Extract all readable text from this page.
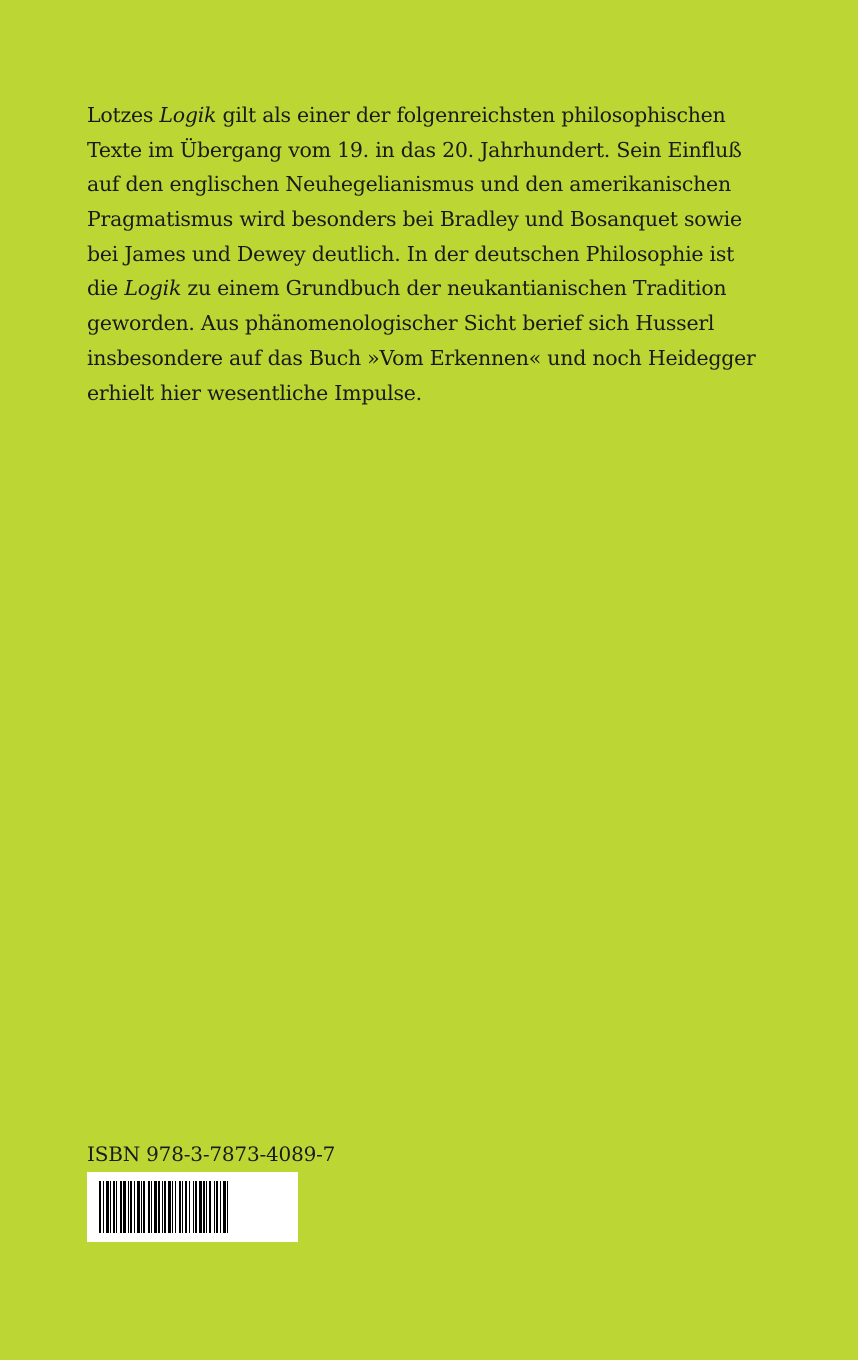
Lotzes Logik gilt als einer der folgenreichsten philosophischen
Texte im Übergang vom 19. in das 20. Jahrhundert. Sein Einfluß
auf den englischen Neuhegelianismus und den amerikanischen
Pragmatismus wird besonders bei Bradley und Bosanquet sowie
bei James und Dewey deutlich. In der deutschen Philosophie ist
die Logik zu einem Grundbuch der neukantianischen Tradition
geworden. Aus phänomenologischer Sicht berief sich Husserl
insbesondere auf das Buch »Vom Erkennen« und noch Heidegger
erhielt hier wesentliche Impulse.

ISBN 978-3-7873-4089-7
